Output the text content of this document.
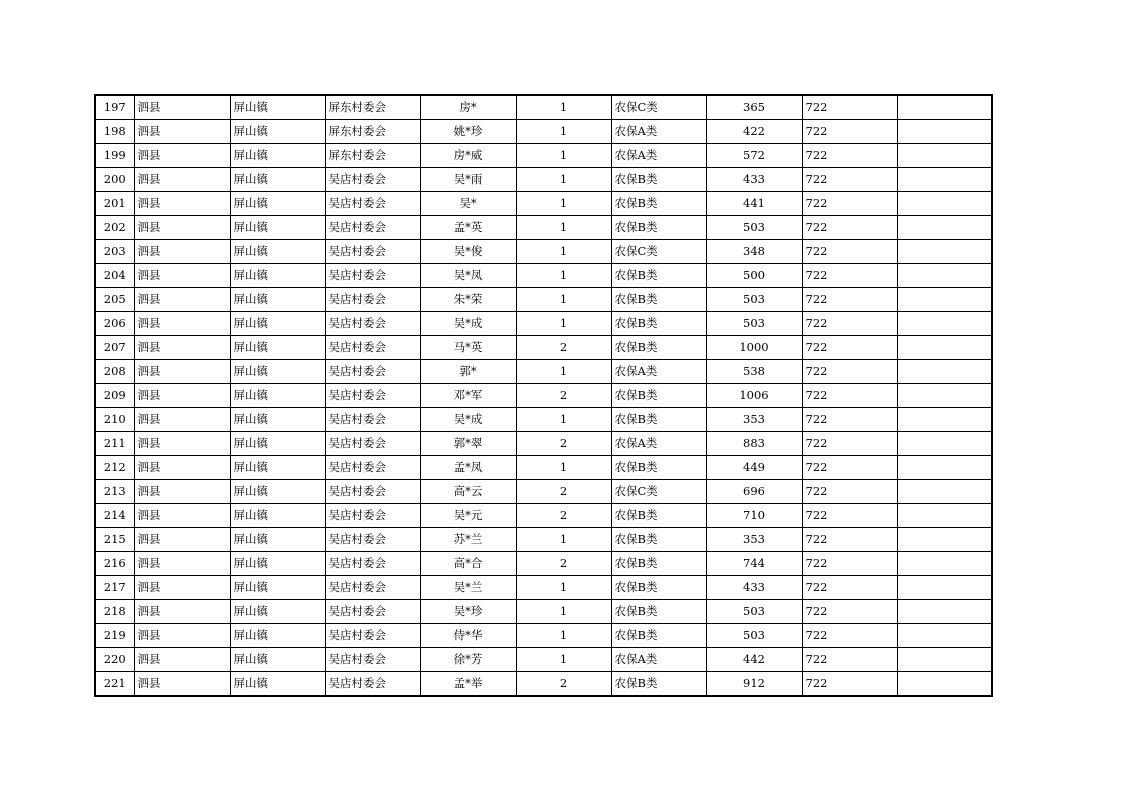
197	泗县	屏山镇	屏东村委会	房*	1	农保C类	365	722	
198	泗县	屏山镇	屏东村委会	姚*珍	1	农保A类	422	722	
199	泗县	屏山镇	屏东村委会	房*威	1	农保A类	572	722	
200	泗县	屏山镇	吴店村委会	吴*雨	1	农保B类	433	722	
201	泗县	屏山镇	吴店村委会	吴*	1	农保B类	441	722	
202	泗县	屏山镇	吴店村委会	孟*英	1	农保B类	503	722	
203	泗县	屏山镇	吴店村委会	吴*俊	1	农保C类	348	722	
204	泗县	屏山镇	吴店村委会	吴*凤	1	农保B类	500	722	
205	泗县	屏山镇	吴店村委会	朱*荣	1	农保B类	503	722	
206	泗县	屏山镇	吴店村委会	吴*成	1	农保B类	503	722	
207	泗县	屏山镇	吴店村委会	马*英	2	农保B类	1000	722	
208	泗县	屏山镇	吴店村委会	郭*	1	农保A类	538	722	
209	泗县	屏山镇	吴店村委会	邓*军	2	农保B类	1006	722	
210	泗县	屏山镇	吴店村委会	吴*成	1	农保B类	353	722	
211	泗县	屏山镇	吴店村委会	郭*翠	2	农保A类	883	722	
212	泗县	屏山镇	吴店村委会	孟*凤	1	农保B类	449	722	
213	泗县	屏山镇	吴店村委会	高*云	2	农保C类	696	722	
214	泗县	屏山镇	吴店村委会	吴*元	2	农保B类	710	722	
215	泗县	屏山镇	吴店村委会	苏*兰	1	农保B类	353	722	
216	泗县	屏山镇	吴店村委会	高*合	2	农保B类	744	722	
217	泗县	屏山镇	吴店村委会	吴*兰	1	农保B类	433	722	
218	泗县	屏山镇	吴店村委会	吴*珍	1	农保B类	503	722	
219	泗县	屏山镇	吴店村委会	侍*华	1	农保B类	503	722	
220	泗县	屏山镇	吴店村委会	徐*芳	1	农保A类	442	722	
221	泗县	屏山镇	吴店村委会	孟*举	2	农保B类	912	722	
